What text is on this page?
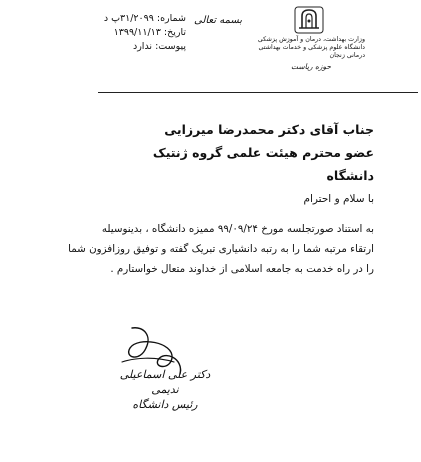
شماره: ۳۱/۲۰۹۹پ د
تاریخ: ۱۳۹۹/۱۱/۱۳
پیوست: ندارد
بسمه تعالی
وزارت بهداشت، درمان و آموزش پزشکی
دانشگاه علوم پزشکی و خدمات بهداشتی درمانی زنجان
حوزه ریاست
جناب آقای دکتر محمدرضا میرزایی
عضو محترم هیئت علمی گروه ژنتیک دانشگاه
با سلام و احترام
به استناد صورتجلسه مورخ ۹۹/۰۹/۲۴ ممیزه دانشگاه ، بدینوسیله
ارتقاء مرتبه شما را به رتبه دانشیاری تبریک گفته و توفیق روزافزون شما
را در راه خدمت به جامعه اسلامی از خداوند متعال خواستارم .
دکتر علی اسماعیلی ندیمی
رئیس دانشگاه
